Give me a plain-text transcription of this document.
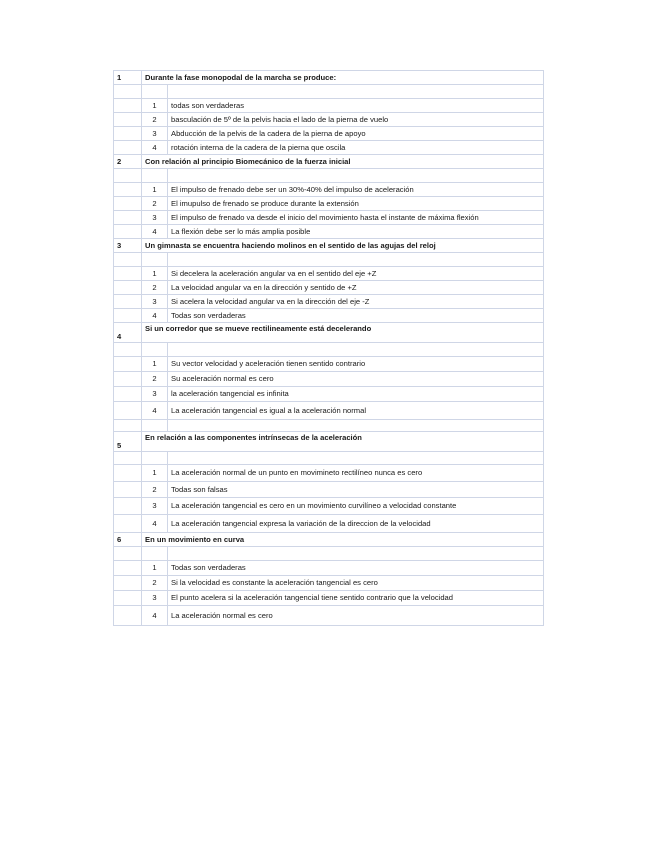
1	Durante la fase monopodal de la marcha se produce:	

	1	todas son verdaderas
	2	basculación de 5º de la pelvis hacia el lado de la pierna de vuelo
	3	Abducción de la pelvis de la cadera de la pierna de apoyo
	4	rotación interna de la cadera de la pierna que oscila
2	Con relación al principio Biomecánico de la fuerza inicial	

	1	El impulso de frenado debe ser un 30%-40% del impulso de aceleración
	2	El imupulso de frenado se produce durante la extensión
	3	El impulso de frenado va desde el inicio del movimiento hasta el instante de máxima flexión
	4	La flexión debe ser lo más amplia posible
3	Un gimnasta se encuentra haciendo molinos en el sentido de las agujas del reloj	

	1	Si decelera la aceleración angular va en el sentido del eje +Z
	2	La velocidad angular va en la dirección y sentido de +Z
	3	Si acelera la velocidad angular va en la dirección del eje -Z
	4	Todas son verdaderas
4	Si un corredor que se mueve rectilineamente está decelerando	

	1	Su vector velocidad y aceleración tienen sentido contrario
	2	Su aceleración normal es cero
	3	la aceleración tangencial es infinita
	4	La aceleración tangencial es igual a la aceleración normal

5	En relación a las componentes intrínsecas de la aceleración	

	1	La aceleración normal de un punto en movimineto rectilíneo nunca es cero
	2	Todas son falsas
	3	La aceleración tangencial es cero en un movimiento curvilíneo a velocidad constante
	4	La aceleración tangencial expresa la variación de la direccion de la velocidad
6	En un movimiento en curva	

	1	Todas son verdaderas
	2	Si la velocidad es constante la aceleración tangencial es cero
	3	El punto acelera si la aceleración tangencial tiene sentido contrario que la velocidad
	4	La aceleración normal es cero
